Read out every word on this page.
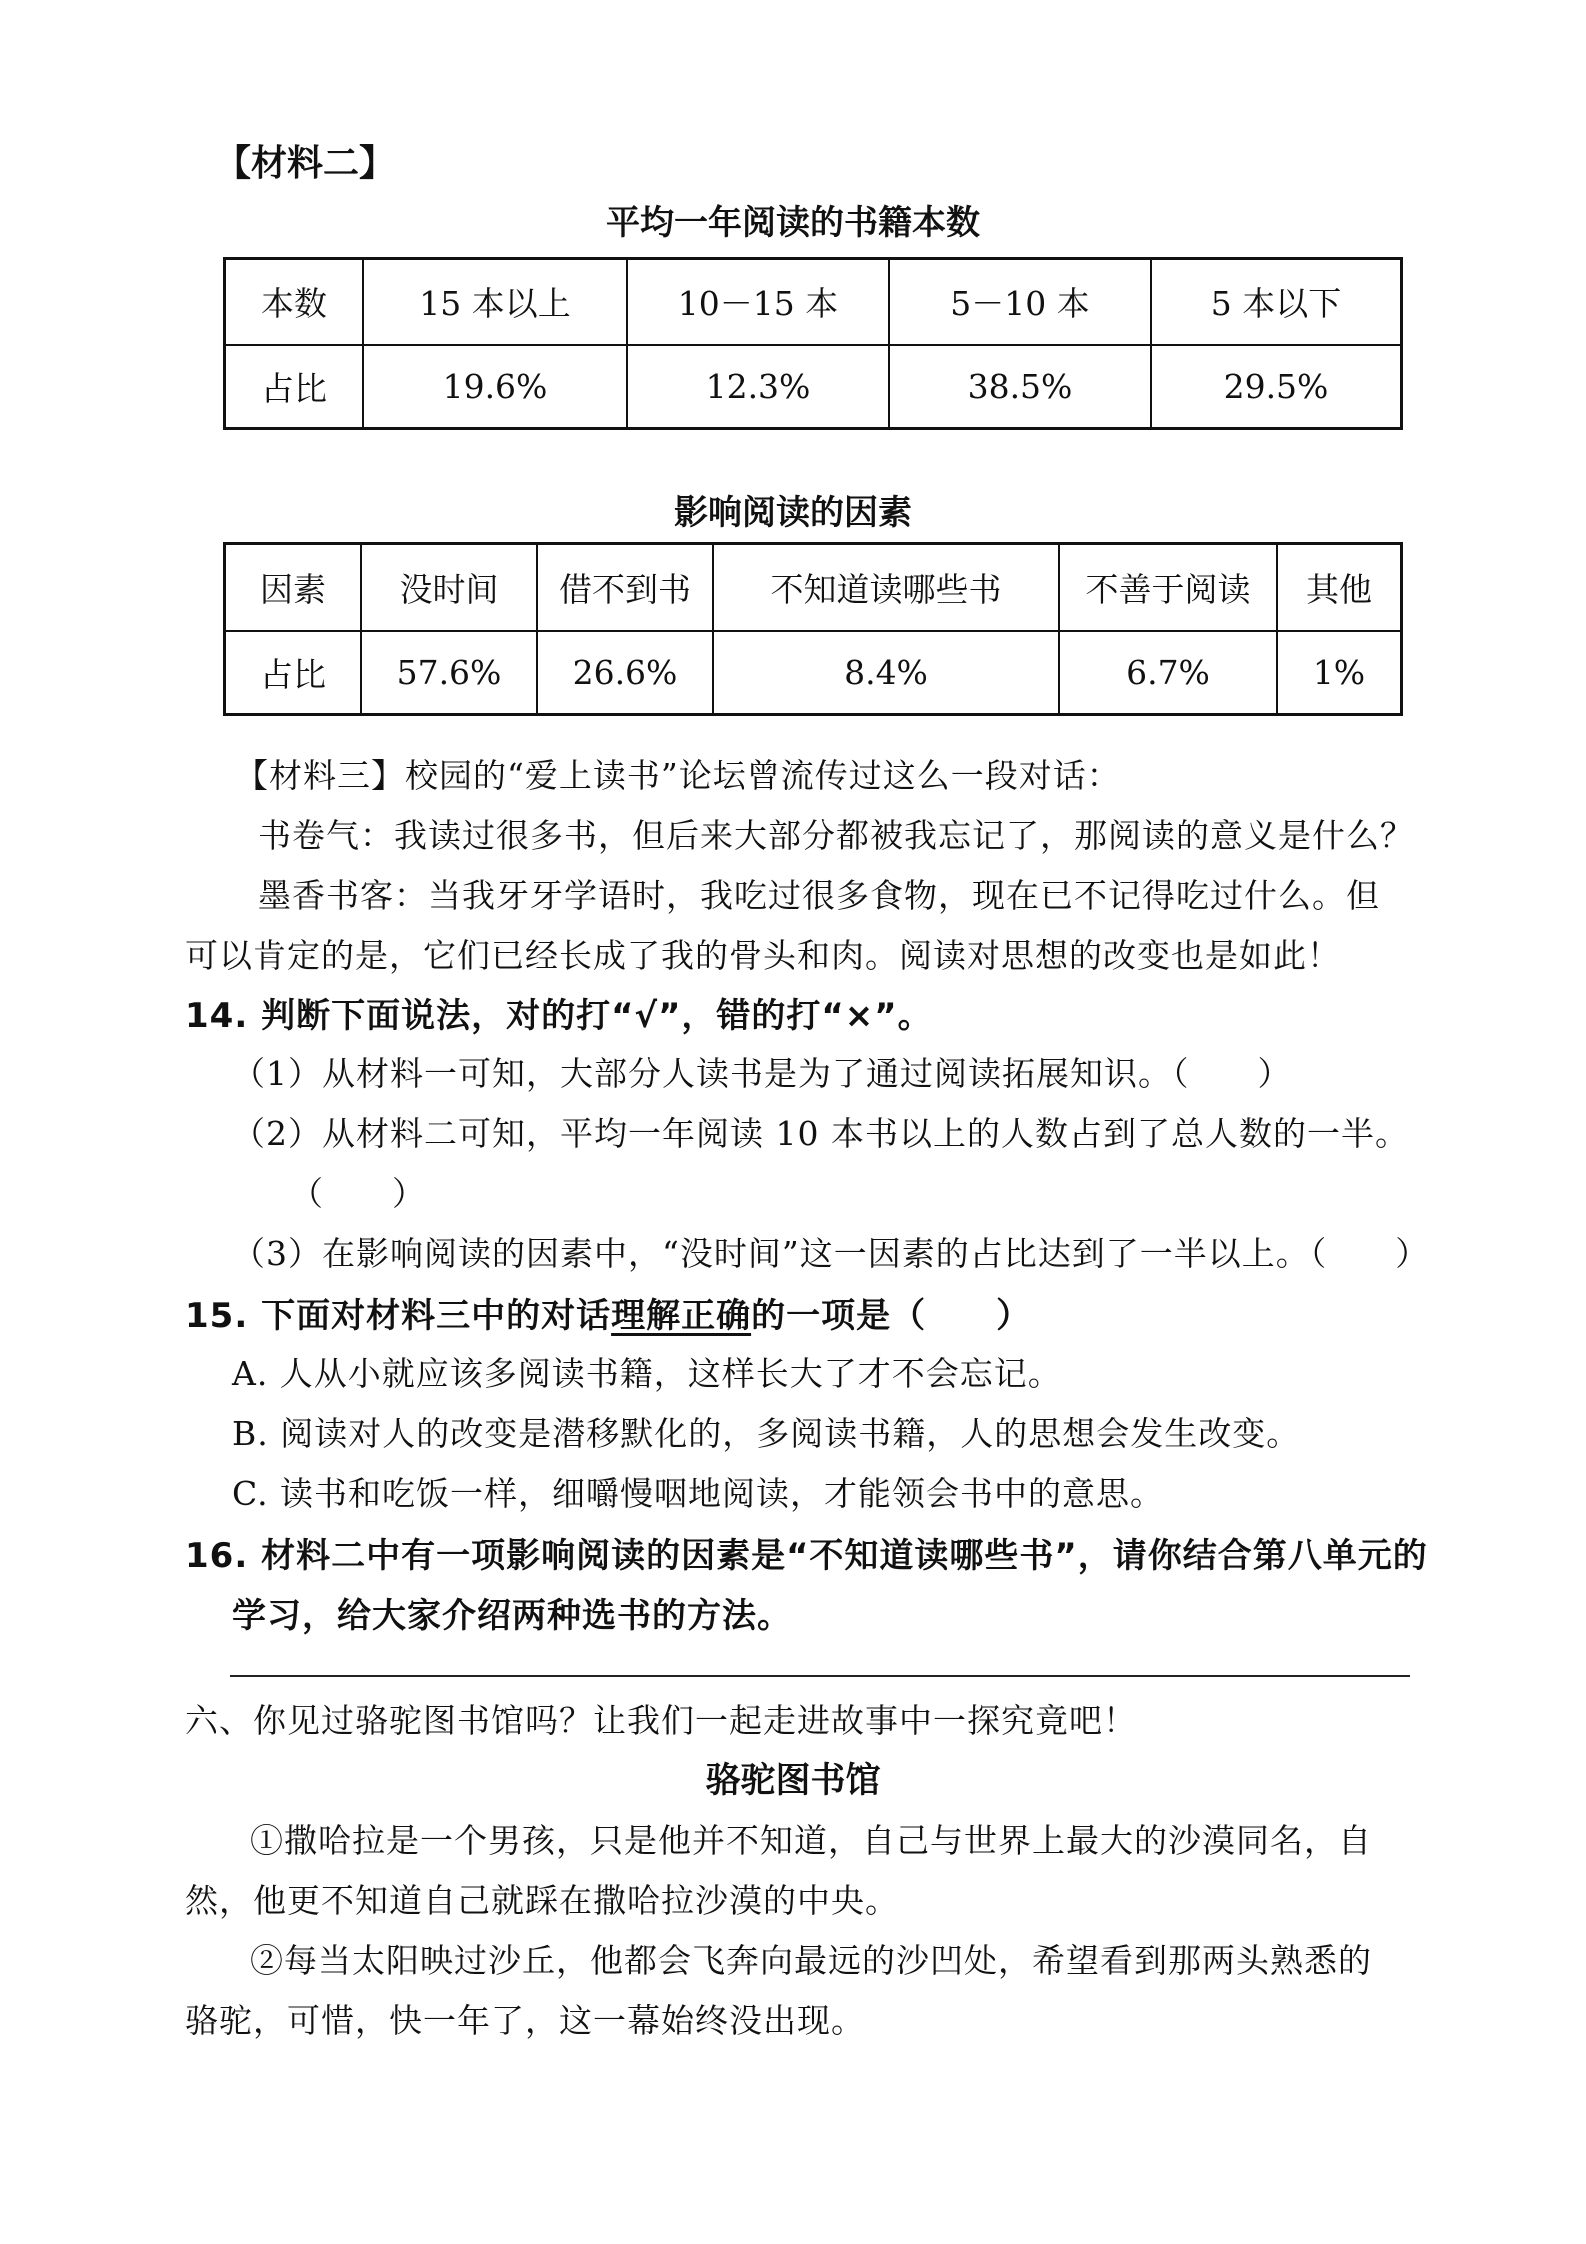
【材料二】
平均一年阅读的书籍本数
本数	15 本以上	10－15 本	5－10 本	5 本以下
占比	19.6%	12.3%	38.5%	29.5%
影响阅读的因素
因素	没时间	借不到书	不知道读哪些书	不善于阅读	其他
占比	57.6%	26.6%	8.4%	6.7%	1%
【材料三】校园的“爱上读书”论坛曾流传过这么一段对话：
书卷气：我读过很多书，但后来大部分都被我忘记了，那阅读的意义是什么？
墨香书客：当我牙牙学语时，我吃过很多食物，现在已不记得吃过什么。但
可以肯定的是，它们已经长成了我的骨头和肉。阅读对思想的改变也是如此！
14. 判断下面说法，对的打“√”，错的打“×”。
（1）从材料一可知，大部分人读书是为了通过阅读拓展知识。（　　）
（2）从材料二可知，平均一年阅读 10 本书以上的人数占到了总人数的一半。
（　　）
（3）在影响阅读的因素中，“没时间”这一因素的占比达到了一半以上。（　　）
15. 下面对材料三中的对话理解正确的一项是（　　）
A. 人从小就应该多阅读书籍，这样长大了才不会忘记。
B. 阅读对人的改变是潜移默化的，多阅读书籍，人的思想会发生改变。
C. 读书和吃饭一样，细嚼慢咽地阅读，才能领会书中的意思。
16. 材料二中有一项影响阅读的因素是“不知道读哪些书”，请你结合第八单元的
学习，给大家介绍两种选书的方法。
六、你见过骆驼图书馆吗？让我们一起走进故事中一探究竟吧！
骆驼图书馆
①撒哈拉是一个男孩，只是他并不知道，自己与世界上最大的沙漠同名，自
然，他更不知道自己就踩在撒哈拉沙漠的中央。
②每当太阳映过沙丘，他都会飞奔向最远的沙凹处，希望看到那两头熟悉的
骆驼，可惜，快一年了，这一幕始终没出现。
